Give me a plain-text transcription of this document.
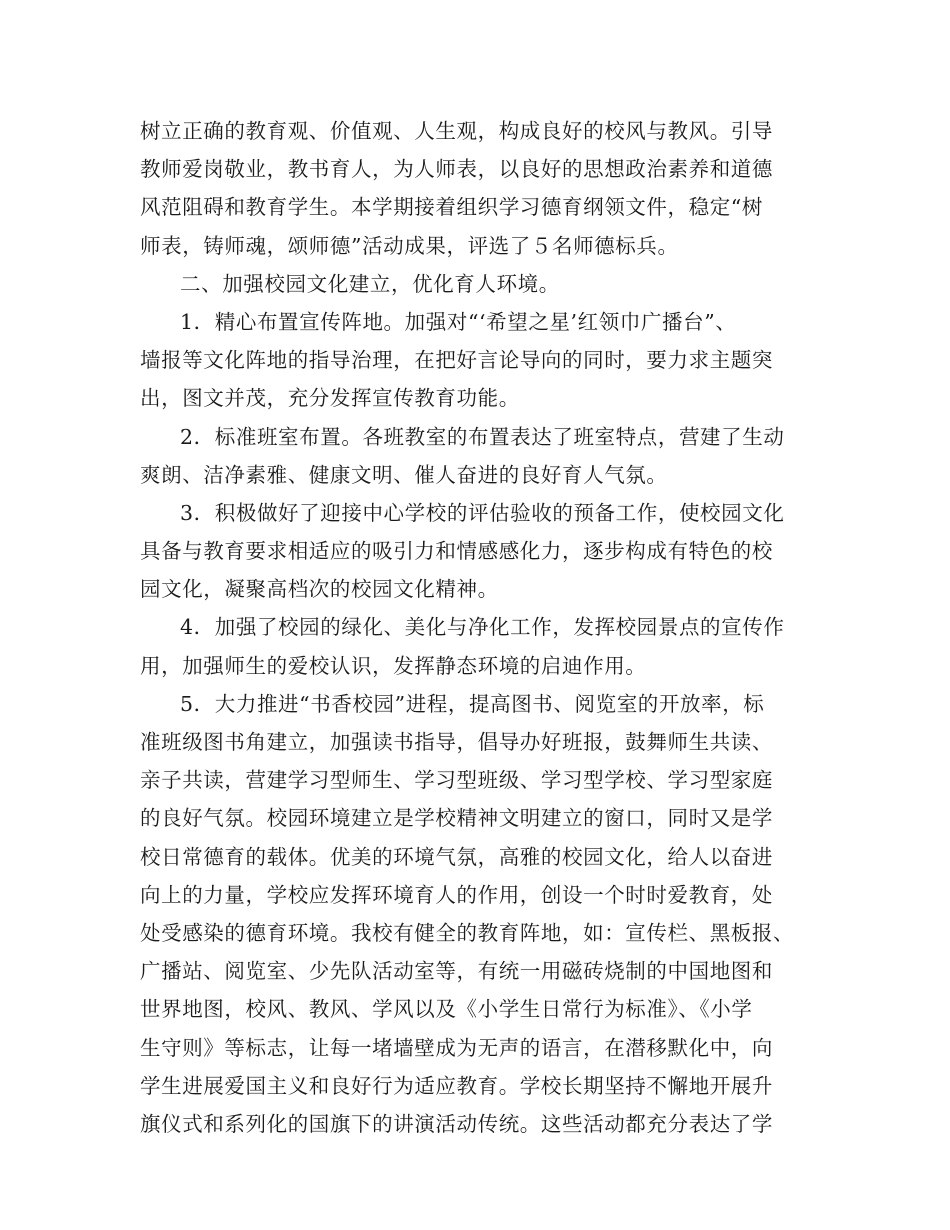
树立正确的教育观、价值观、人生观，构成良好的校风与教风。引导
教师爱岗敬业，教书育人，为人师表，以良好的思想政治素养和道德
风范阻碍和教育学生。本学期接着组织学习德育纲领文件，稳定“树
师表，铸师魂，颂师德”活动成果，评选了５名师德标兵。
二、加强校园文化建立，优化育人环境。
1．精心布置宣传阵地。加强对“‘希望之星’红领巾广播台”、
墙报等文化阵地的指导治理，在把好言论导向的同时，要力求主题突
出，图文并茂，充分发挥宣传教育功能。
2．标准班室布置。各班教室的布置表达了班室特点，营建了生动
爽朗、洁净素雅、健康文明、催人奋进的良好育人气氛。
3．积极做好了迎接中心学校的评估验收的预备工作，使校园文化
具备与教育要求相适应的吸引力和情感感化力，逐步构成有特色的校
园文化，凝聚高档次的校园文化精神。
4．加强了校园的绿化、美化与净化工作，发挥校园景点的宣传作
用，加强师生的爱校认识，发挥静态环境的启迪作用。
5．大力推进“书香校园”进程，提高图书、阅览室的开放率，标
准班级图书角建立，加强读书指导，倡导办好班报，鼓舞师生共读、
亲子共读，营建学习型师生、学习型班级、学习型学校、学习型家庭
的良好气氛。校园环境建立是学校精神文明建立的窗口，同时又是学
校日常德育的载体。优美的环境气氛，高雅的校园文化，给人以奋进
向上的力量，学校应发挥环境育人的作用，创设一个时时爱教育，处
处受感染的德育环境。我校有健全的教育阵地，如：宣传栏、黑板报、
广播站、阅览室、少先队活动室等，有统一用磁砖烧制的中国地图和
世界地图，校风、教风、学风以及《小学生日常行为标准》、《小学
生守则》等标志，让每一堵墙壁成为无声的语言，在潜移默化中，向
学生进展爱国主义和良好行为适应教育。学校长期坚持不懈地开展升
旗仪式和系列化的国旗下的讲演活动传统。这些活动都充分表达了学
